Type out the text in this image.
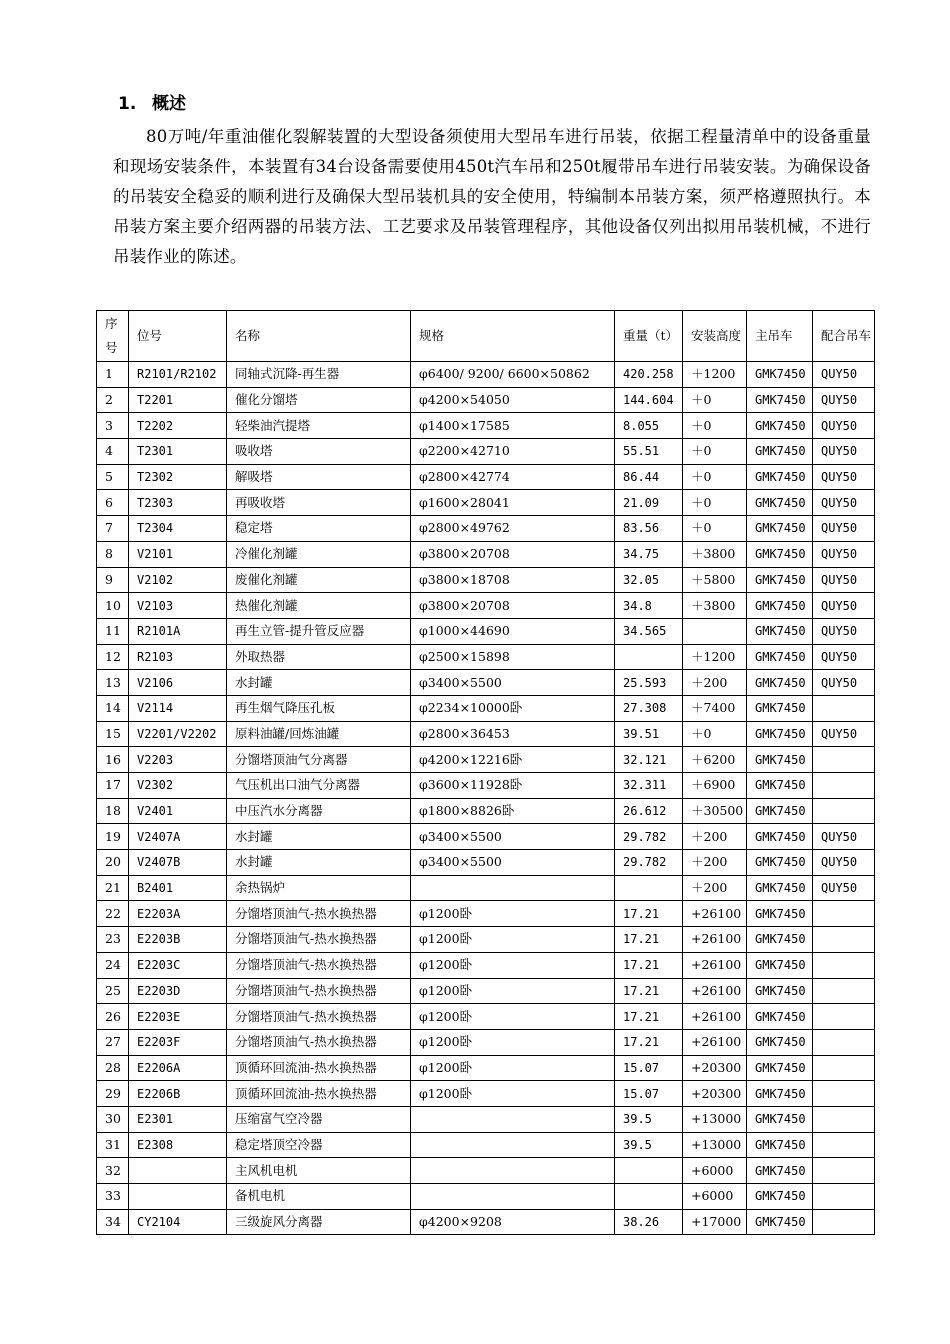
1. 概述
80万吨/年重油催化裂解装置的大型设备须使用大型吊车进行吊装，依据工程量清单中的设备重量和现场安装条件，本装置有34台设备需要使用450t汽车吊和250t履带吊车进行吊装安装。为确保设备的吊装安全稳妥的顺利进行及确保大型吊装机具的安全使用，特编制本吊装方案，须严格遵照执行。本吊装方案主要介绍两器的吊装方法、工艺要求及吊装管理程序，其他设备仅列出拟用吊装机械，不进行吊装作业的陈述。
序号	位号	名称	规格	重量（t）	安装高度	主吊车	配合吊车
1	R2101/R2102	同轴式沉降-再生器	φ6400/ 9200/ 6600×50862	420.258	＋1200	GMK7450	QUY50
2	T2201	催化分馏塔	φ4200×54050	144.604	＋0	GMK7450	QUY50
3	T2202	轻柴油汽提塔	φ1400×17585	8.055	＋0	GMK7450	QUY50
4	T2301	吸收塔	φ2200×42710	55.51	＋0	GMK7450	QUY50
5	T2302	解吸塔	φ2800×42774	86.44	＋0	GMK7450	QUY50
6	T2303	再吸收塔	φ1600×28041	21.09	＋0	GMK7450	QUY50
7	T2304	稳定塔	φ2800×49762	83.56	＋0	GMK7450	QUY50
8	V2101	冷催化剂罐	φ3800×20708	34.75	＋3800	GMK7450	QUY50
9	V2102	废催化剂罐	φ3800×18708	32.05	＋5800	GMK7450	QUY50
10	V2103	热催化剂罐	φ3800×20708	34.8	＋3800	GMK7450	QUY50
11	R2101A	再生立管-提升管反应器	φ1000×44690	34.565		GMK7450	QUY50
12	R2103	外取热器	φ2500×15898		＋1200	GMK7450	QUY50
13	V2106	水封罐	φ3400×5500	25.593	＋200	GMK7450	QUY50
14	V2114	再生烟气降压孔板	φ2234×10000卧	27.308	＋7400	GMK7450	
15	V2201/V2202	原料油罐/回炼油罐	φ2800×36453	39.51	＋0	GMK7450	QUY50
16	V2203	分馏塔顶油气分离器	φ4200×12216卧	32.121	＋6200	GMK7450	
17	V2302	气压机出口油气分离器	φ3600×11928卧	32.311	＋6900	GMK7450	
18	V2401	中压汽水分离器	φ1800×8826卧	26.612	＋30500	GMK7450	
19	V2407A	水封罐	φ3400×5500	29.782	＋200	GMK7450	QUY50
20	V2407B	水封罐	φ3400×5500	29.782	＋200	GMK7450	QUY50
21	B2401	余热锅炉			＋200	GMK7450	QUY50
22	E2203A	分馏塔顶油气-热水换热器	φ1200卧	17.21	+26100	GMK7450	
23	E2203B	分馏塔顶油气-热水换热器	φ1200卧	17.21	+26100	GMK7450	
24	E2203C	分馏塔顶油气-热水换热器	φ1200卧	17.21	+26100	GMK7450	
25	E2203D	分馏塔顶油气-热水换热器	φ1200卧	17.21	+26100	GMK7450	
26	E2203E	分馏塔顶油气-热水换热器	φ1200卧	17.21	+26100	GMK7450	
27	E2203F	分馏塔顶油气-热水换热器	φ1200卧	17.21	+26100	GMK7450	
28	E2206A	顶循环回流油-热水换热器	φ1200卧	15.07	+20300	GMK7450	
29	E2206B	顶循环回流油-热水换热器	φ1200卧	15.07	+20300	GMK7450	
30	E2301	压缩富气空冷器		39.5	+13000	GMK7450	
31	E2308	稳定塔顶空冷器		39.5	+13000	GMK7450	
32		主风机电机			+6000	GMK7450	
33		备机电机			+6000	GMK7450	
34	CY2104	三级旋风分离器	φ4200×9208	38.26	+17000	GMK7450	
